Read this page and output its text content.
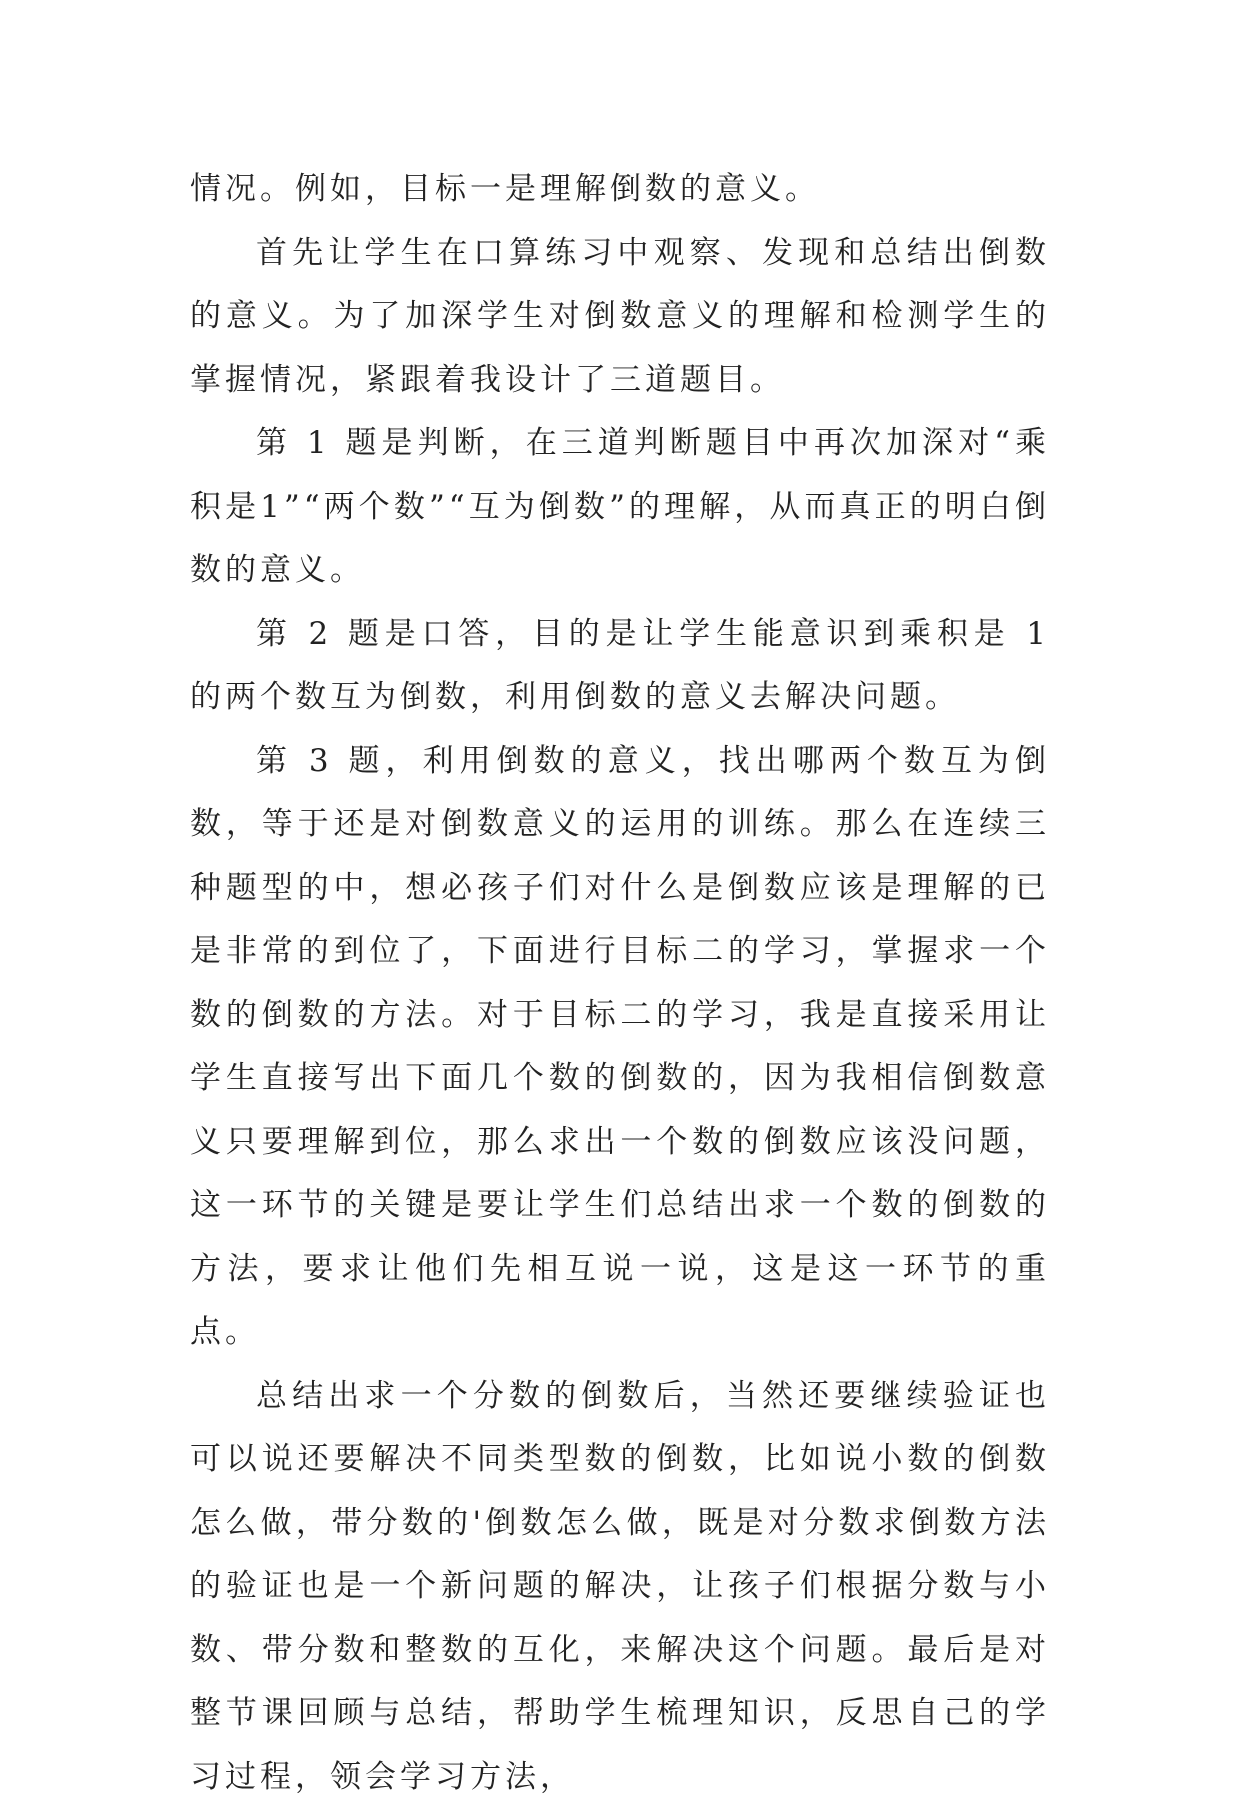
情况。例如，目标一是理解倒数的意义。

首先让学生在口算练习中观察、发现和总结出倒数的意义。为了加深学生对倒数意义的理解和检测学生的掌握情况，紧跟着我设计了三道题目。

第 1 题是判断，在三道判断题目中再次加深对“乘积是1”“两个数”“互为倒数”的理解，从而真正的明白倒数的意义。

第 2 题是口答，目的是让学生能意识到乘积是 1 的两个数互为倒数，利用倒数的意义去解决问题。

第 3 题，利用倒数的意义，找出哪两个数互为倒数，等于还是对倒数意义的运用的训练。那么在连续三种题型的中，想必孩子们对什么是倒数应该是理解的已是非常的到位了，下面进行目标二的学习，掌握求一个数的倒数的方法。对于目标二的学习，我是直接采用让学生直接写出下面几个数的倒数的，因为我相信倒数意义只要理解到位，那么求出一个数的倒数应该没问题，这一环节的关键是要让学生们总结出求一个数的倒数的方法，要求让他们先相互说一说，这是这一环节的重点。

总结出求一个分数的倒数后，当然还要继续验证也可以说还要解决不同类型数的倒数，比如说小数的倒数怎么做，带分数的'倒数怎么做，既是对分数求倒数方法的验证也是一个新问题的解决，让孩子们根据分数与小数、带分数和整数的互化，来解决这个问题。最后是对整节课回顾与总结，帮助学生梳理知识，反思自己的学习过程，领会学习方法，
